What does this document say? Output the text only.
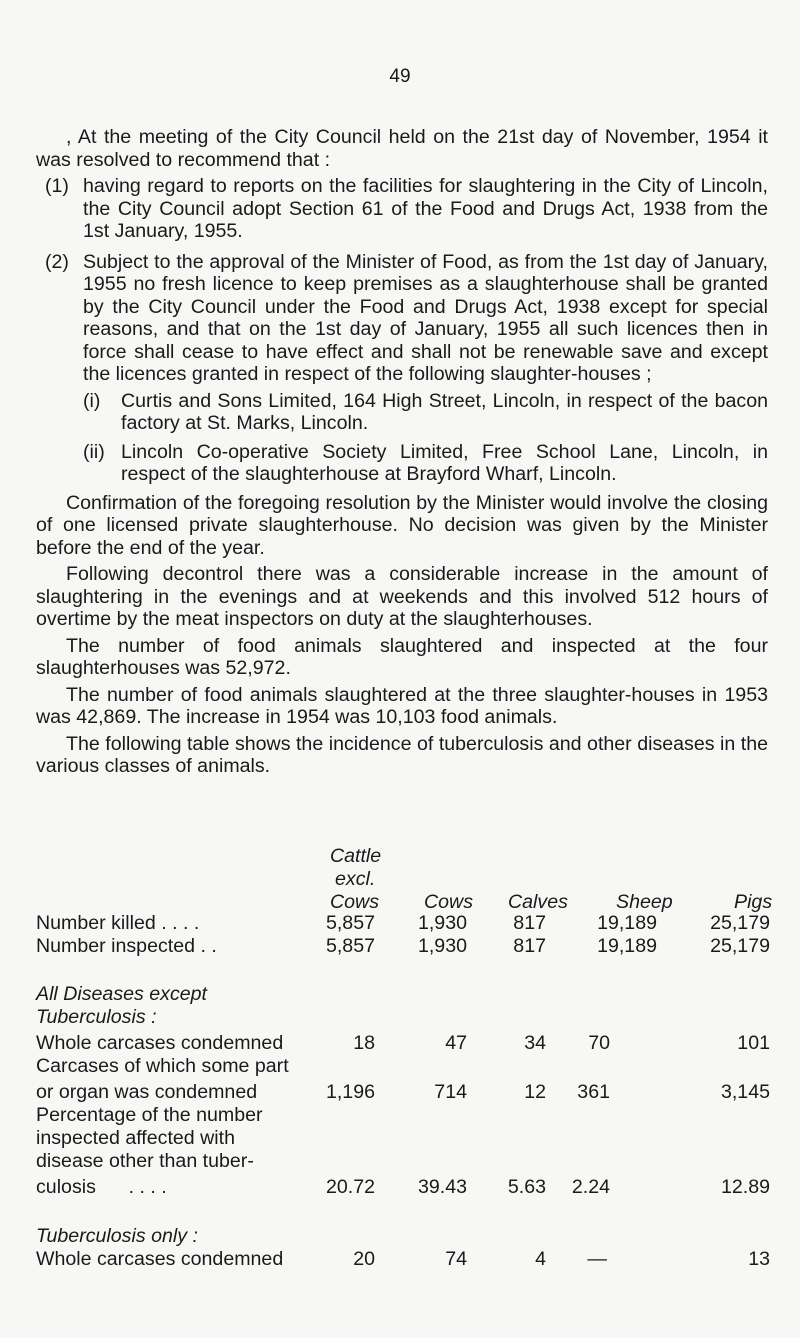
49

, At the meeting of the City Council held on the 21st day of November, 1954 it was resolved to recommend that :

(1) having regard to reports on the facilities for slaughtering in the City of Lincoln, the City Council adopt Section 61 of the Food and Drugs Act, 1938 from the 1st January, 1955.
(2) Subject to the approval of the Minister of Food, as from the 1st day of January, 1955 no fresh licence to keep premises as a slaughterhouse shall be granted by the City Council under the Food and Drugs Act, 1938 except for special reasons, and that on the 1st day of January, 1955 all such licences then in force shall cease to have effect and shall not be renewable save and except the licences granted in respect of the following slaughter-houses ;
(i)	Curtis and Sons Limited, 164 High Street, Lincoln, in respect of the bacon factory at St. Marks, Lincoln.
(ii) Lincoln Co-operative Society Limited, Free School Lane, Lincoln, in respect of the slaughterhouse at Brayford Wharf, Lincoln.

Confirmation of the foregoing resolution by the Minister would involve the closing of one licensed private slaughterhouse. No decision was given by the Minister before the end of the year.

Following decontrol there was a considerable increase in the amount of slaughtering in the evenings and at weekends and this involved 512 hours of overtime by the meat inspectors on duty at the slaughterhouses.

The number of food animals slaughtered and inspected at the four slaughterhouses was 52,972.

The number of food animals slaughtered at the three slaughter-houses in 1953 was 42,869. The increase in 1954 was 10,103 food animals.

The following table shows the incidence of tuberculosis and other diseases in the various classes of animals.

Cattle
excl.
Cows Cows Calves Sheep	Pigs
Number killed . . . .	5,857 1,930 817	19,189	25,179
Number inspected . .	5,857 1,930 817	19,189	25,179
All Diseases except
Tuberculosis :
Whole carcases condemned	18	47	34 70	101
Carcases of which some part
or organ was condemned	1,196	714	12 361	3,145
Percentage of the number
inspected affected with
disease other than tuber-
culosis . . . .	20.72 39.43 5.63 2.24	12.89
Tuberculosis only :
Whole carcases condemned	20	74	4 —	13
